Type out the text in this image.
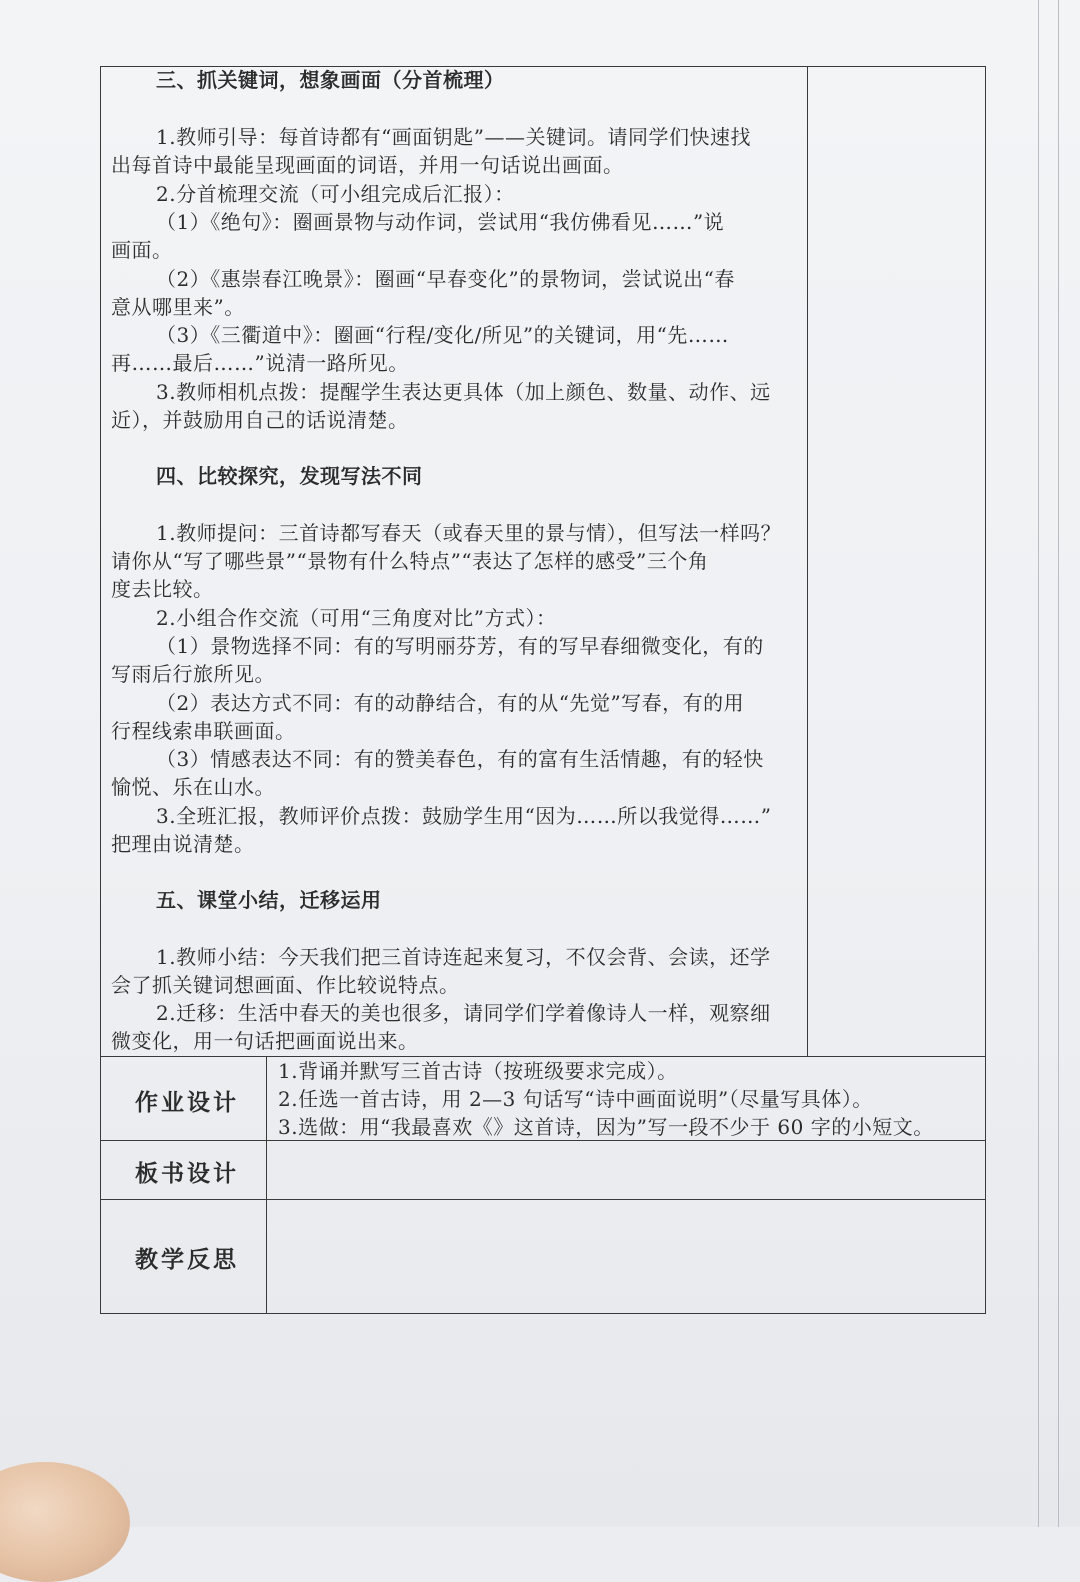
三、抓关键词，想象画面（分首梳理）
1.教师引导：每首诗都有“画面钥匙”——关键词。请同学们快速找
出每首诗中最能呈现画面的词语，并用一句话说出画面。
2.分首梳理交流（可小组完成后汇报）：
（1）《绝句》：圈画景物与动作词，尝试用“我仿佛看见……”说
画面。
（2）《惠崇春江晚景》：圈画“早春变化”的景物词，尝试说出“春
意从哪里来”。
（3）《三衢道中》：圈画“行程/变化/所见”的关键词，用“先……
再……最后……”说清一路所见。
3.教师相机点拨：提醒学生表达更具体（加上颜色、数量、动作、远
近），并鼓励用自己的话说清楚。
四、比较探究，发现写法不同
1.教师提问：三首诗都写春天（或春天里的景与情），但写法一样吗？
请你从“写了哪些景”“景物有什么特点”“表达了怎样的感受”三个角
度去比较。
2.小组合作交流（可用“三角度对比”方式）：
（1）景物选择不同：有的写明丽芬芳，有的写早春细微变化，有的
写雨后行旅所见。
（2）表达方式不同：有的动静结合，有的从“先觉”写春，有的用
行程线索串联画面。
（3）情感表达不同：有的赞美春色，有的富有生活情趣，有的轻快
愉悦、乐在山水。
3.全班汇报，教师评价点拨：鼓励学生用“因为……所以我觉得……”
把理由说清楚。
五、课堂小结，迁移运用
1.教师小结：今天我们把三首诗连起来复习，不仅会背、会读，还学
会了抓关键词想画面、作比较说特点。
2.迁移：生活中春天的美也很多，请同学们学着像诗人一样，观察细
微变化，用一句话把画面说出来。
作业设计
1.背诵并默写三首古诗（按班级要求完成）。
2.任选一首古诗，用 2—3 句话写“诗中画面说明”（尽量写具体）。
3.选做：用“我最喜欢《》这首诗，因为”写一段不少于 60 字的小短文。
板书设计
教学反思
